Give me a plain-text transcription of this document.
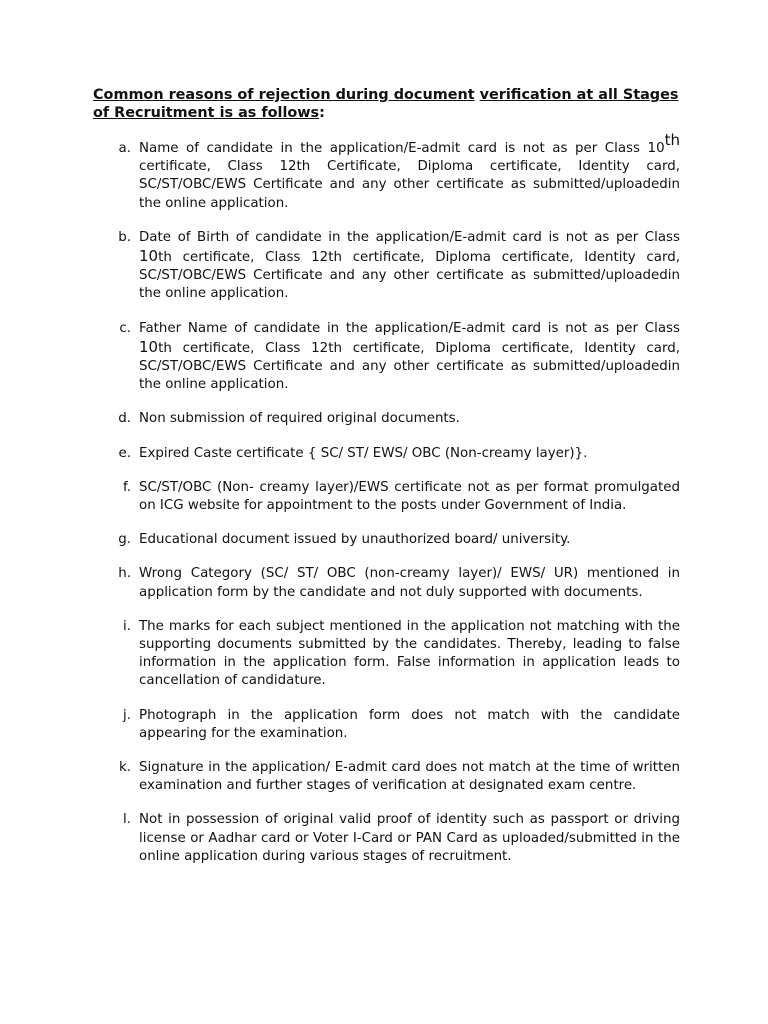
Common reasons of rejection during document verification at all Stages of Recruitment is as follows:
a. Name of candidate in the application/E-admit card is not as per Class 10th certificate, Class 12th Certificate, Diploma certificate, Identity card, SC/ST/OBC/EWS Certificate and any other certificate as submitted/uploadedin the online application.
b. Date of Birth of candidate in the application/E-admit card is not as per Class 10th certificate, Class 12th certificate, Diploma certificate, Identity card, SC/ST/OBC/EWS Certificate and any other certificate as submitted/uploadedin the online application.
c. Father Name of candidate in the application/E-admit card is not as per Class 10th certificate, Class 12th certificate, Diploma certificate, Identity card, SC/ST/OBC/EWS Certificate and any other certificate as submitted/uploadedin the online application.
d. Non submission of required original documents.
e. Expired Caste certificate { SC/ ST/ EWS/ OBC (Non-creamy layer)}.
f. SC/ST/OBC (Non- creamy layer)/EWS certificate not as per format promulgated on ICG website for appointment to the posts under Government of India.
g. Educational document issued by unauthorized board/ university.
h. Wrong Category (SC/ ST/ OBC (non-creamy layer)/ EWS/ UR) mentioned in application form by the candidate and not duly supported with documents.
i. The marks for each subject mentioned in the application not matching with the supporting documents submitted by the candidates. Thereby, leading to false information in the application form. False information in application leads to cancellation of candidature.
j. Photograph in the application form does not match with the candidate appearing for the examination.
k. Signature in the application/ E-admit card does not match at the time of written examination and further stages of verification at designated exam centre.
l. Not in possession of original valid proof of identity such as passport or driving license or Aadhar card or Voter I-Card or PAN Card as uploaded/submitted in the online application during various stages of recruitment.
